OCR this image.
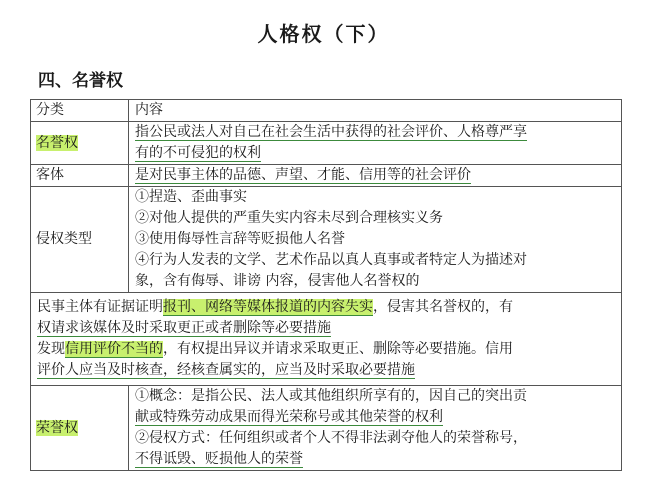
人格权（下）
四、名誉权
分类	内容
名誉权	指公民或法人对自己在社会生活中获得的社会评价、人格尊严享
有的不可侵犯的权利

客体	是对民事主体的品德、声望、才能、信用等的社会评价
侵权类型	①捏造、歪曲事实
②对他人提供的严重失实内容未尽到合理核实义务
③使用侮辱性言辞等贬损他人名誉
④行为人发表的文学、艺术作品以真人真事或者特定人为描述对
象，含有侮辱、诽谤 内容，侵害他人名誉权的

民事主体有证据证明报刊、网络等媒体报道的内容失实，侵害其名誉权的，有
权请求该媒体及时采取更正或者删除等必要措施
发现信用评价不当的，有权提出异议并请求采取更正、删除等必要措施。信用
评价人应当及时核查，经核查属实的，应当及时采取必要措施	

荣誉权	①概念：是指公民、法人或其他组织所享有的，因自己的突出贡
献或特殊劳动成果而得光荣称号或其他荣誉的权利
②侵权方式：任何组织或者个人不得非法剥夺他人的荣誉称号，
不得诋毁、贬损他人的荣誉
